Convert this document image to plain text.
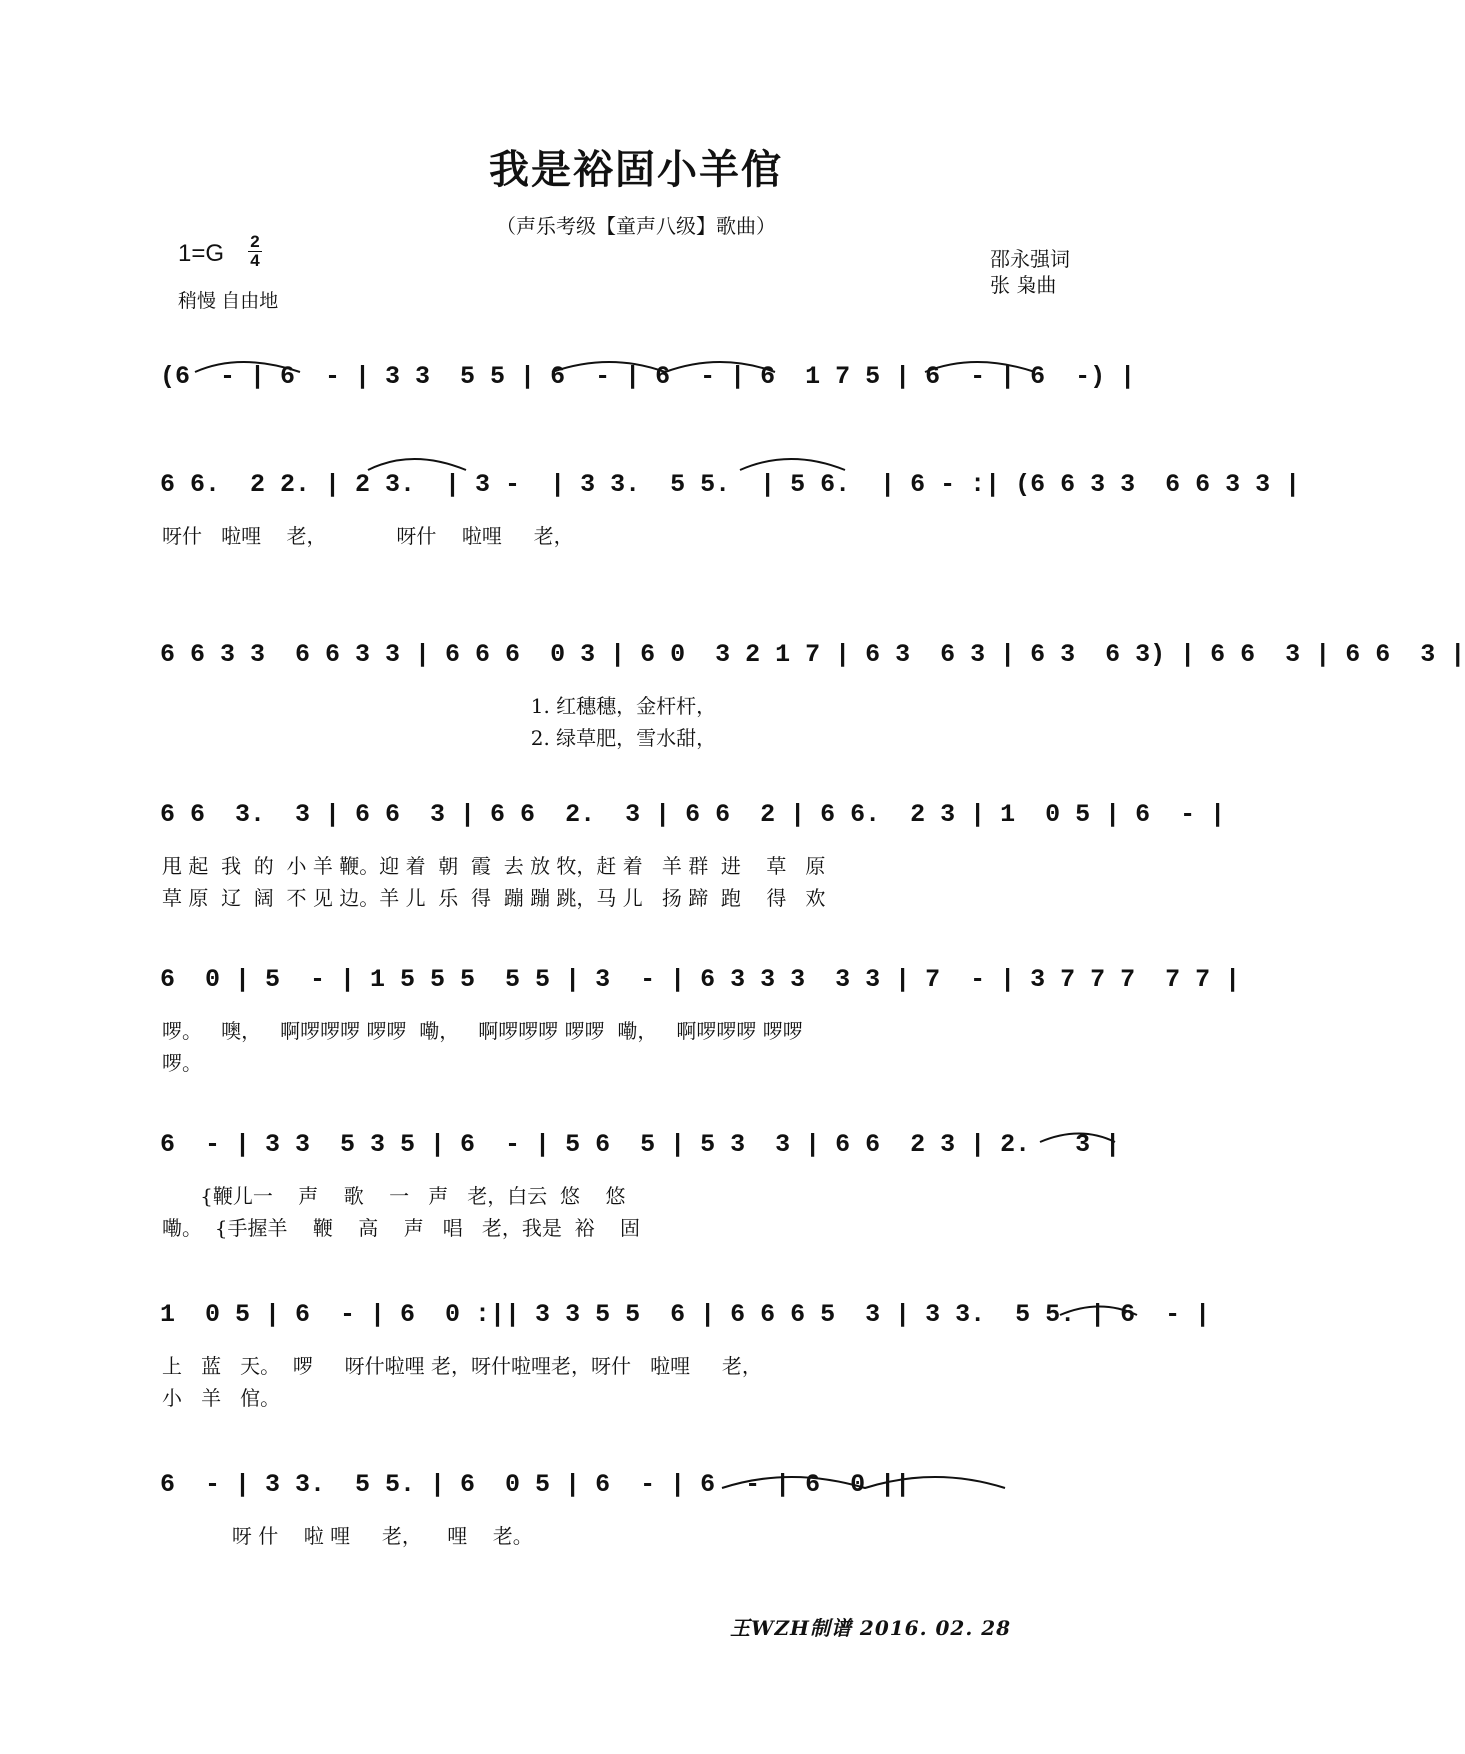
我是裕固小羊倌
（声乐考级【童声八级】歌曲）
1=G 2
4
稍慢 自由地
邵永强词
张 枭曲
(6  - | 6  - | 3 3  5 5 | 6  - | 6  - | 6  1 7 5 | 6  - | 6  -) |
6 6.  2 2. | 2 3.  | 3 -  | 3 3.  5 5.  | 5 6.  | 6 - :| (6 6 3 3  6 6 3 3 |
呀什   啦哩    老，           呀什    啦哩     老，
6 6 3 3  6 6 3 3 | 6 6 6  0 3 | 6 0  3 2 1 7 | 6 3  6 3 | 6 3  6 3) | 6 6  3 | 6 6  3 |
1. 红穗穗，金杆杆，
2. 绿草肥，雪水甜，
6 6  3.  3 | 6 6  3 | 6 6  2.  3 | 6 6  2 | 6 6.  2 3 | 1  0 5 | 6  - |
甩 起  我  的  小 羊 鞭。迎 着  朝  霞  去 放 牧，赶 着   羊 群  进    草   原
草 原  辽  阔  不 见 边。羊 儿  乐  得  蹦 蹦 跳，马 儿   扬 蹄  跑    得   欢
6  0 | 5  - | 1 5 5 5  5 5 | 3  - | 6 3 3 3  3 3 | 7  - | 3 7 7 7  7 7 |
啰。   噢，   啊啰啰啰 啰啰  嘞，   啊啰啰啰 啰啰  嘞，   啊啰啰啰 啰啰
啰。
6  - | 3 3  5 3 5 | 6  - | 5 6  5 | 5 3  3 | 6 6  2 3 | 2.   3 |
{鞭儿一    声    歌    一   声   老，白云  悠    悠
嘞。  {手握羊    鞭    高    声   唱   老，我是  裕    固
1  0 5 | 6  - | 6  0 :|| 3 3 5 5  6 | 6 6 6 5  3 | 3 3.  5 5. | 6  - |
上   蓝   天。  啰     呀什啦哩 老，呀什啦哩老，呀什   啦哩     老，
小   羊   倌。
6  - | 3 3.  5 5. | 6  0 5 | 6  - | 6  - | 6  0 ||
呀 什    啦 哩     老，    哩    老。
王WZH制谱 2016. 02. 28
